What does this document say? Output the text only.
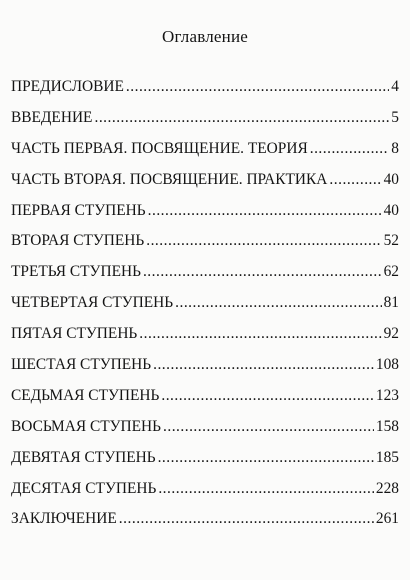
Оглавление
ПРЕДИСЛОВИЕ .....	4
ВВЕДЕНИЕ .....	5
ЧАСТЬ ПЕРВАЯ. ПОСВЯЩЕНИЕ. ТЕОРИЯ .....	8
ЧАСТЬ ВТОРАЯ. ПОСВЯЩЕНИЕ. ПРАКТИКА .....	40
ПЕРВАЯ СТУПЕНЬ .....	40
ВТОРАЯ СТУПЕНЬ .....	52
ТРЕТЬЯ СТУПЕНЬ .....	62
ЧЕТВЕРТАЯ СТУПЕНЬ .....	81
ПЯТАЯ СТУПЕНЬ .....	92
ШЕСТАЯ СТУПЕНЬ .....	108
СЕДЬМАЯ СТУПЕНЬ .....	123
ВОСЬМАЯ СТУПЕНЬ .....	158
ДЕВЯТАЯ СТУПЕНЬ .....	185
ДЕСЯТАЯ СТУПЕНЬ .....	228
ЗАКЛЮЧЕНИЕ .....	261
